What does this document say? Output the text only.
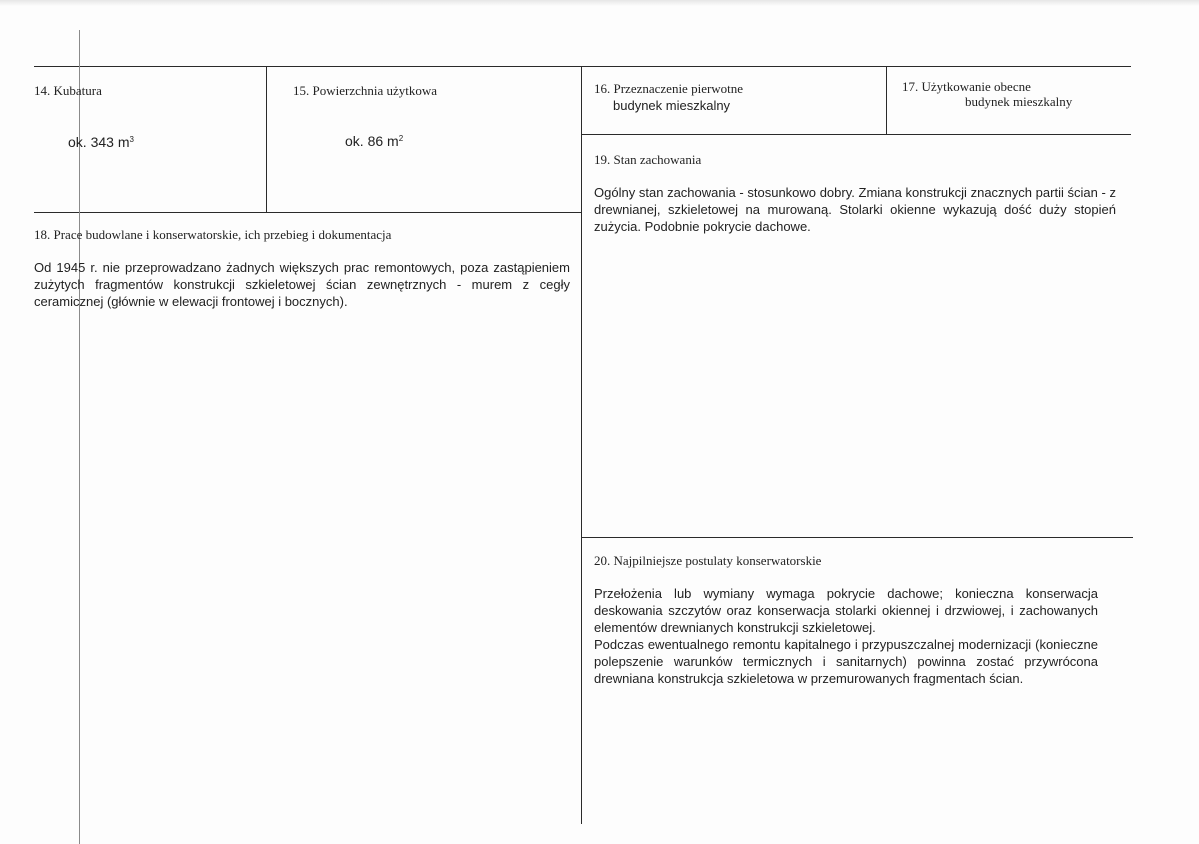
14. Kubatura
ok. 343 $m^3$
15. Powierzchnia użytkowa
ok. 86 $m^2$
16. Przeznaczenie pierwotne
budynek mieszkalny
17. Użytkowanie obecne
budynek mieszkalny
19. Stan zachowania

Ogólny stan zachowania - stosunkowo dobry. Zmiana konstrukcji znacznych partii ścian - z drewnianej, szkieletowej na murowaną. Stolarki okienne wykazują dość duży stopień zużycia. Podobnie pokrycie dachowe.

18. Prace budowlane i konserwatorskie, ich przebieg i dokumentacja

Od 1945 r. nie przeprowadzano żadnych większych prac remontowych, poza zastąpieniem zużytych fragmentów konstrukcji szkieletowej ścian zewnętrznych - murem z cegły ceramicznej (głównie w elewacji frontowej i bocznych).

20. Najpilniejsze postulaty konserwatorskie

Przełożenia lub wymiany wymaga pokrycie dachowe; konieczna konserwacja deskowania szczytów oraz konserwacja stolarki okiennej i drzwiowej, i zachowanych elementów drewnianych konstrukcji szkieletowej.

Podczas ewentualnego remontu kapitalnego i przypuszczalnej modernizacji (konieczne polepszenie warunków termicznych i sanitarnych) powinna zostać przywrócona drewniana konstrukcja szkieletowa w przemurowanych fragmentach ścian.
